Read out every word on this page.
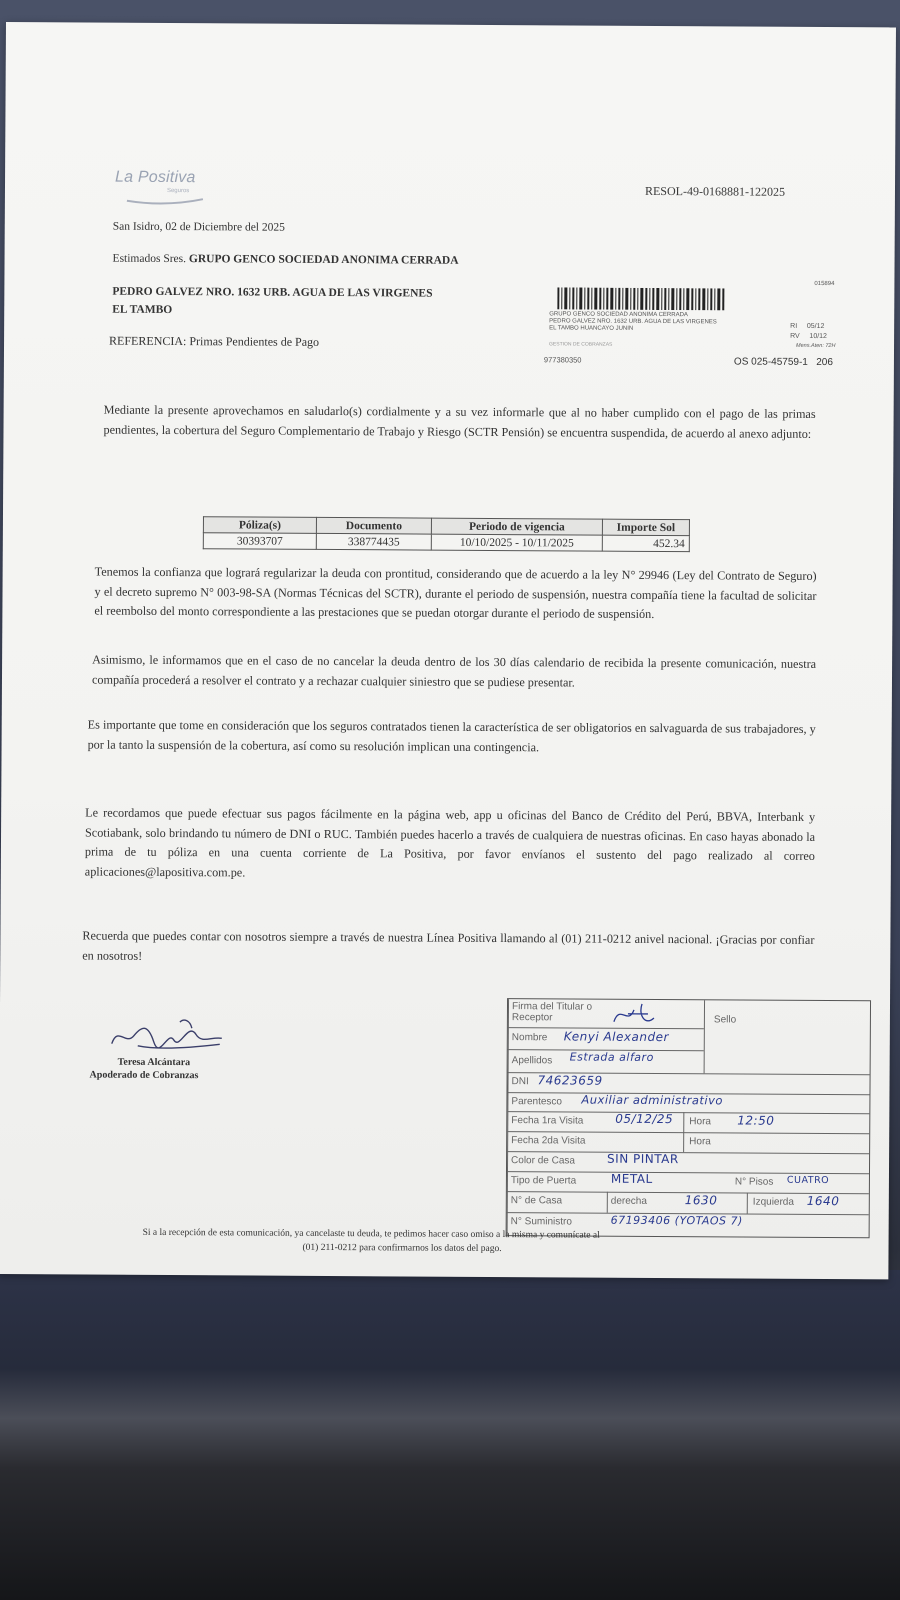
La Positiva
Seguros	RESOL-49-0168881-122025
San Isidro, 02 de Diciembre del 2025
Estimados Sres. GRUPO GENCO SOCIEDAD ANONIMA CERRADA
PEDRO GALVEZ NRO. 1632 URB. AGUA DE LAS VIRGENES
EL TAMBO
REFERENCIA: Primas Pendientes de Pago
015894
GRUPO GENCO SOCIEDAD ANONIMA CERRADA
PEDRO GALVEZ NRO. 1632 URB. AGUA DE LAS VIRGENES
EL TAMBO HUANCAYO JUNIN
GESTION DE COBRANZAS
RI 05/12
RV 10/12
Mens.Aten: 72H
977380350	OS 025-45759-1 206
Mediante la presente aprovechamos en saludarlo(s) cordialmente y a su vez informarle que al no haber cumplido con el pago de las primas pendientes, la cobertura del Seguro Complementario de Trabajo y Riesgo (SCTR Pensión) se encuentra suspendida, de acuerdo al anexo adjunto:
Póliza(s)	Documento	Periodo de vigencia	Importe Sol
30393707	338774435	10/10/2025 - 10/11/2025	452.34
Tenemos la confianza que logrará regularizar la deuda con prontitud, considerando que de acuerdo a la ley N° 29946 (Ley del Contrato de Seguro) y el decreto supremo N° 003-98-SA (Normas Técnicas del SCTR), durante el periodo de suspensión, nuestra compañía tiene la facultad de solicitar el reembolso del monto correspondiente a las prestaciones que se puedan otorgar durante el periodo de suspensión.
Asimismo, le informamos que en el caso de no cancelar la deuda dentro de los 30 días calendario de recibida la presente comunicación, nuestra compañía procederá a resolver el contrato y a rechazar cualquier siniestro que se pudiese presentar.
Es importante que tome en consideración que los seguros contratados tienen la característica de ser obligatorios en salvaguarda de sus trabajadores, y por la tanto la suspensión de la cobertura, así como su resolución implican una contingencia.
Le recordamos que puede efectuar sus pagos fácilmente en la página web, app u oficinas del Banco de Crédito del Perú, BBVA, Interbank y Scotiabank, solo brindando tu número de DNI o RUC. También puedes hacerlo a través de cualquiera de nuestras oficinas. En caso hayas abonado la prima de tu póliza en una cuenta corriente de La Positiva, por favor envíanos el sustento del pago realizado al correo aplicaciones@lapositiva.com.pe.
Recuerda que puedes contar con nosotros siempre a través de nuestra Línea Positiva llamando al (01) 211-0212 anivel nacional. ¡Gracias por confiar en nosotros!
Teresa Alcántara
Apoderado de Cobranzas
Firma del Titular o Receptor	Sello
Nombre Kenyi Alexander
Apellidos Estrada alfaro
DNI 74623659
Parentesco Auxiliar administrativo
Fecha 1ra Visita	05/12/25 Hora 12:50
Fecha 2da Visita	Hora
Color de Casa	SIN PINTAR
Tipo de Puerta	METAL	N° Pisos CUATRO
N° de Casa	derecha	1630	Izquierda 1640
N° Suministro	67193406 (YOTAOS 7)
Si a la recepción de esta comunicación, ya cancelaste tu deuda, te pedimos hacer caso omiso a la misma y comunícate al
(01) 211-0212 para confirmarnos los datos del pago.
